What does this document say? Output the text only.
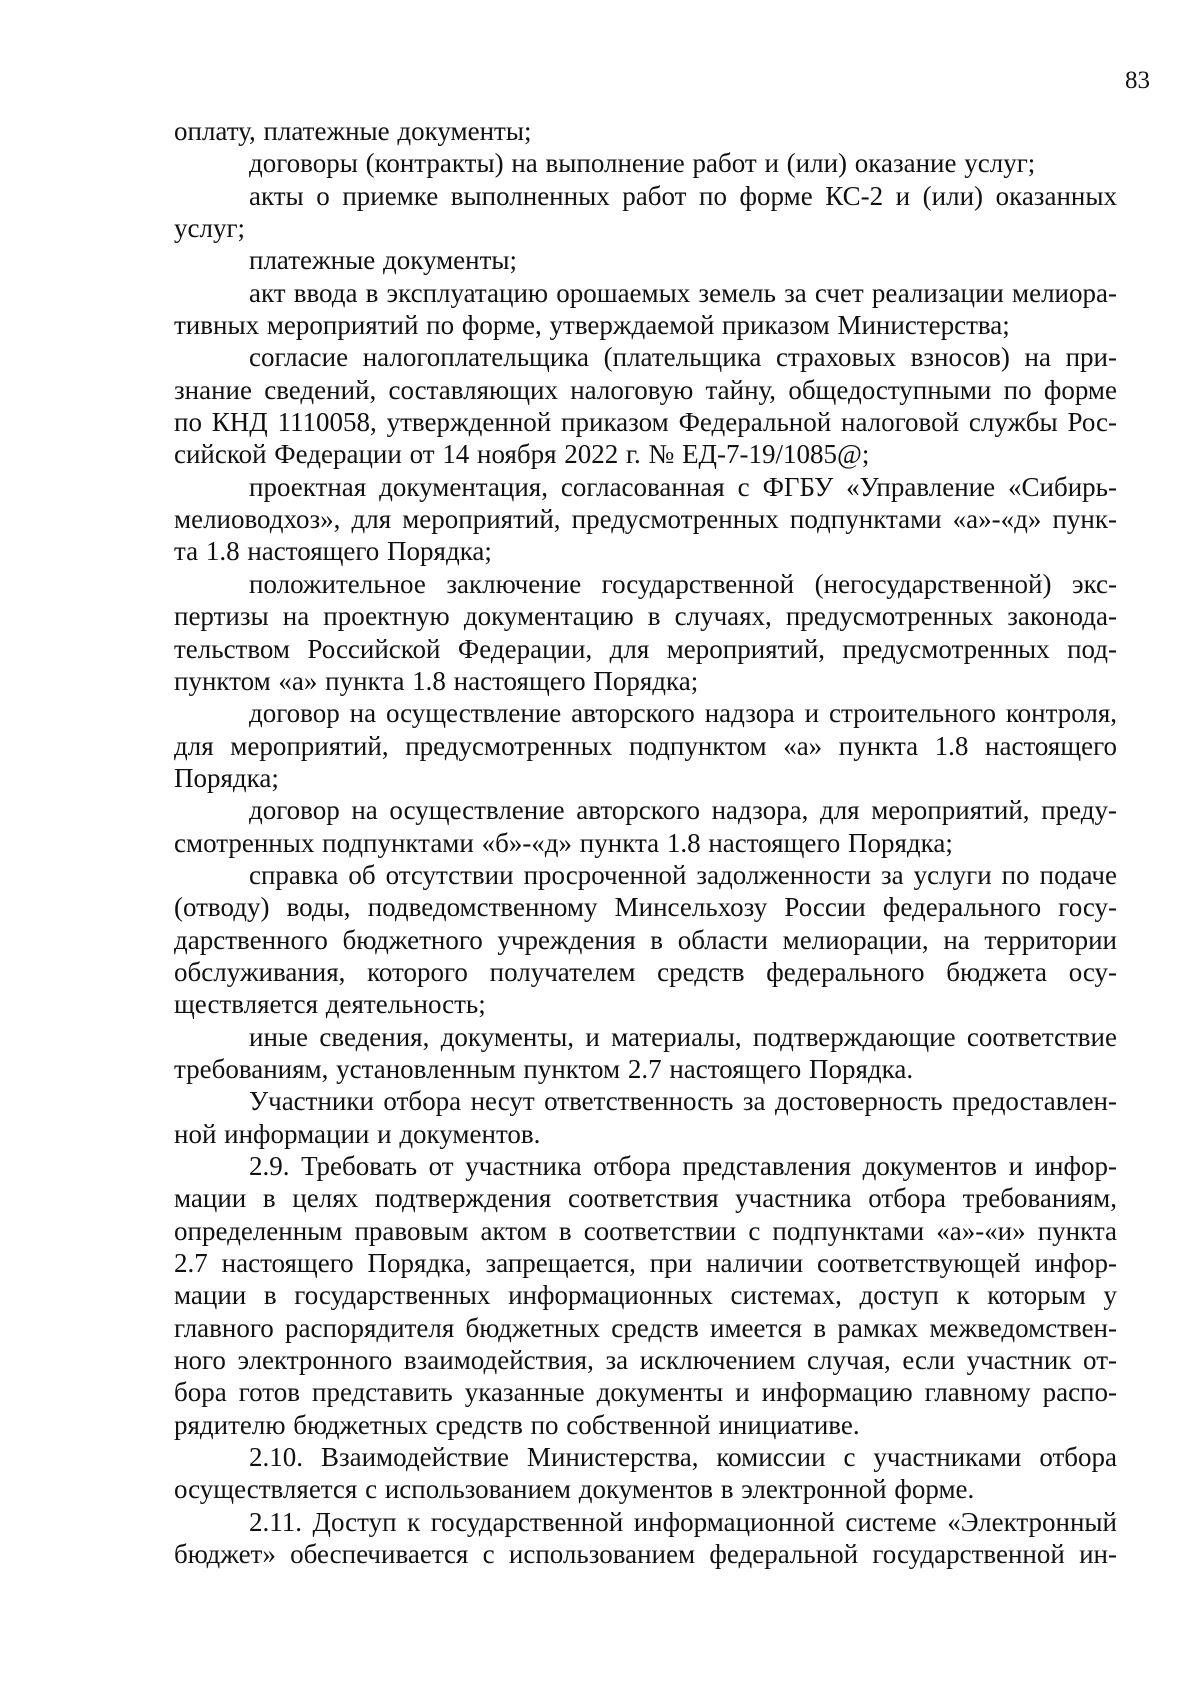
83
оплату, платежные документы;
договоры (контракты) на выполнение работ и (или) оказание услуг;
акты о приемке выполненных работ по форме КС-2 и (или) оказанных
услуг;
платежные документы;
акт ввода в эксплуатацию орошаемых земель за счет реализации мелиора-
тивных мероприятий по форме, утверждаемой приказом Министерства;
согласие налогоплательщика (плательщика страховых взносов) на при-
знание сведений, составляющих налоговую тайну, общедоступными по форме
по КНД 1110058, утвержденной приказом Федеральной налоговой службы Рос-
сийской Федерации от 14 ноября 2022 г. № ЕД-7-19/1085@;
проектная документация, согласованная с ФГБУ «Управление «Сибирь-
мелиоводхоз», для мероприятий, предусмотренных подпунктами «а»-«д» пунк-
та 1.8 настоящего Порядка;
положительное заключение государственной (негосударственной) экс-
пертизы на проектную документацию в случаях, предусмотренных законода-
тельством Российской Федерации, для мероприятий, предусмотренных под-
пунктом «а» пункта 1.8 настоящего Порядка;
договор на осуществление авторского надзора и строительного контроля,
для мероприятий, предусмотренных подпунктом «а» пункта 1.8 настоящего
Порядка;
договор на осуществление авторского надзора, для мероприятий, преду-
смотренных подпунктами «б»-«д» пункта 1.8 настоящего Порядка;
справка об отсутствии просроченной задолженности за услуги по подаче
(отводу) воды, подведомственному Минсельхозу России федерального госу-
дарственного бюджетного учреждения в области мелиорации, на территории
обслуживания, которого получателем средств федерального бюджета осу-
ществляется деятельность;
иные сведения, документы, и материалы, подтверждающие соответствие
требованиям, установленным пунктом 2.7 настоящего Порядка.
Участники отбора несут ответственность за достоверность предоставлен-
ной информации и документов.
2.9. Требовать от участника отбора представления документов и инфор-
мации в целях подтверждения соответствия участника отбора требованиям,
определенным правовым актом в соответствии с подпунктами «а»-«и» пункта
2.7 настоящего Порядка, запрещается, при наличии соответствующей инфор-
мации в государственных информационных системах, доступ к которым у
главного распорядителя бюджетных средств имеется в рамках межведомствен-
ного электронного взаимодействия, за исключением случая, если участник от-
бора готов представить указанные документы и информацию главному распо-
рядителю бюджетных средств по собственной инициативе.
2.10. Взаимодействие Министерства, комиссии с участниками отбора
осуществляется с использованием документов в электронной форме.
2.11. Доступ к государственной информационной системе «Электронный
бюджет» обеспечивается с использованием федеральной государственной ин-
